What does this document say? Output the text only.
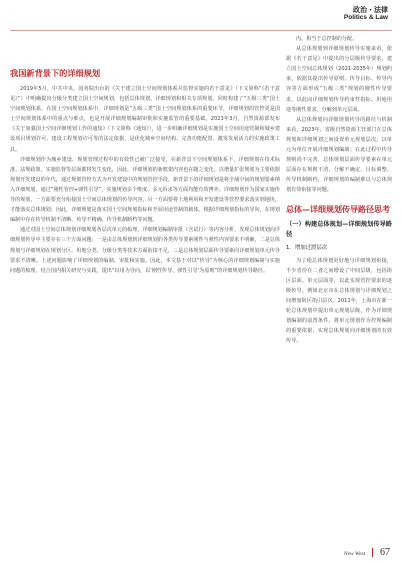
政治・法律
Politics & Law
我国新背景下的详细规划

2019年5月，中共中央、国务院出台的《关于建立国土空间规划体系并监督实施的若干意见》（下文简称“《若干意见》”）中明确提出分级分类建立国土空间规划，包括总体规划、详细规划和相关专项规划，同时构建了“五级三类”国土空间规划体系。在国土空间规划体系中，详细规划是“五级三类”国土空间规划体系的重要环节，详细规划的管控更是国土空间规划体系中的重点与难点，也是开展详细规划编制审批和实施监管的重要基础。2023年3月，自然资源部发布《关于加强国土空间详细规划工作的通知》（下文简称《通知》），进一步明确详细规划是实施国土空间用途管制和城乡建设项目规划许可、建设工程规划许可等的法定依据，是优化城乡空间结构、完善功能配置、激发发展活力的实施政策工具。

详细规划作为城乡建设、规划管理过程中的有效性已被广泛接受，在新背景下空间规划体系下，详细规划在技术标准、法规政策、实施监督等层面都将发生变化，因此，详细规划的新框架内容也在随之变化。以增量扩张规划为主要依据规划开发建设的年代，通过规划管控方式为开发建设中的规划管控手段。新背景下的详细规划是将全域空间的规划要素纳入详细规划，通过“刚性管控+弹性引导”，实施规划多个维度、多元诉求等方面均能有效博弈。详细规划作为国家实施传导的规划，一方面要充分衔接国土空间总体规划的传导内容，另一方面要将土地利用和开发建设等管控要求落实到地块，才能落实总体规划；因此，详细规划是落实国土空间规划指标和开展用途管制的载体。根据详细规划指标的导向，在规划编制中存在传导机制不清晰、传导不精确、传导机制断档等问题。

通过对国土空间总体规划详细规划各层次单元的梳理，详细规划编制审批（含试行）等内容分析，发现总体规划向详细规划传导中主要存在三个方面问题：一是由总体规划到详细规划的各类传导要素刚性与弹性内容要求不明确，二是总体规划与详细规划在规划分区、用地分类、分级分类等技术方面衔接不足，三是总体规划层面传导要素向详细规划单元传导要求不清晰。上述问题影响了详细规划的编制、审批和实施。因此，本文基于对以“传导”为核心的详细规划编制与实施问题的梳理，结合国内相关研究与实践，提出“以用为导向，以‘刚性传导、弹性引导’为原则”的详细规划传导路径。

内、相当于总控制的分配。

从总体规划到详细规划传导实施来看，依据《若干意见》中提出的分层级传导要求，建立国土空间总体规划（2021-2035年）规划约束，依据其提出传导原则、传导目标、传导内容等方面形成“五级三类”规划的刚性传导要求，以此向详细规划传导约束性指标、用地用途等刚性要求，分解到单元层面。

从总体规划向详细规划传导的路径与机制来看，2023年，省级自然资源主管部门在总体规划和详细规划之间设置单元规划层次，以单元为单位开展详细规划编制；在此过程中传导规则尚不完善，总体规划层面传导要素在单元层面存在规则不清、分解不确定、目标调整、传导机制断档，详细规划的编制难以与总体规划有效衔接等问题。

总体—详细规划传导路径思考
（一）构建总体规划—详细规划传导路径
1．增加过渡层次

为了使总体规划更好地与详细规划衔接，不少省份在二者之间增设了中间层级，包括街区层面、单元层面等，以此实现管控要求的逐级传导。例如北京市在总体规划与详细规划之间增加街区指引层次。2011年，上海市在新一轮总体规划中提出单元规划层级，作为详细规划编制的前置条件，将单元规划作为控规编制的重要依据，实现总体规划向详细规划的有效传导。

New West 67
